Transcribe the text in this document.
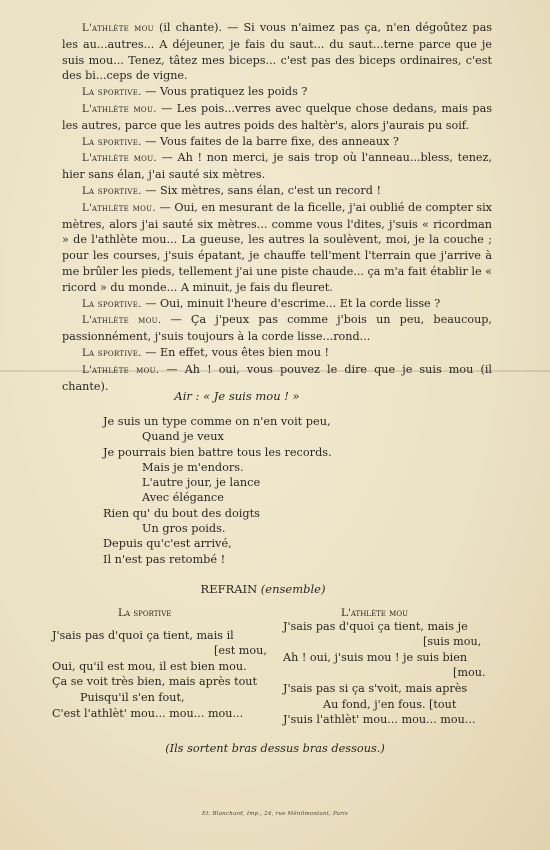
L'athlète mou (il chante). — Si vous n'aimez pas ça, n'en dégoûtez pas les au...autres... A déjeuner, je fais du saut... du saut...terne parce que je suis mou... Tenez, tâtez mes biceps... c'est pas des biceps ordinaires, c'est des bi...ceps de vigne.

La sportive. — Vous pratiquez les poids ?

L'athlète mou. — Les pois...verres avec quelque chose dedans, mais pas les autres, parce que les autres poids des haltèr's, alors j'aurais pu soif.

La sportive. — Vous faites de la barre fixe, des anneaux ?

L'athlète mou. — Ah ! non merci, je sais trop où l'anneau...bless, tenez, hier sans élan, j'ai sauté six mètres.

La sportive. — Six mètres, sans élan, c'est un record !

L'athlète mou. — Oui, en mesurant de la ficelle, j'ai oublié de compter six mètres, alors j'ai sauté six mètres... comme vous l'dites, j'suis « ricordman » de l'athlète mou... La gueuse, les autres la soulèvent, moi, je la couche ; pour les courses, j'suis épatant, je chauffe tell'ment l'terrain que j'arrive à me brûler les pieds, tellement j'ai une piste chaude... ça m'a fait établir le « ricord » du monde... A minuit, je fais du fleuret.

La sportive. — Oui, minuit l'heure d'escrime... Et la corde lisse ?

L'athlète mou. — Ça j'peux pas comme j'bois un peu, beaucoup, passionnément, j'suis toujours à la corde lisse...rond...

La sportive. — En effet, vous êtes bien mou !

L'athlète mou. — Ah ! oui, vous pouvez le dire que je suis mou (il chante).

Air : « Je suis mou ! »
Je suis un type comme on n'en voit peu,
Quand je veux
Je pourrais bien battre tous les records.
Mais je m'endors.
L'autre jour, je lance
Avec élégance
Rien qu' du bout des doigts
Un gros poids.
Depuis qu'c'est arrivé,
Il n'est pas retombé !
REFRAIN (ensemble)
La sportive
J'sais pas d'quoi ça tient, mais il
[est mou,
Oui, qu'il est mou, il est bien mou.
Ça se voit très bien, mais après tout
Puisqu'il s'en fout,
C'est l'athlèt' mou... mou... mou...
L'athlète mou
J'sais pas d'quoi ça tient, mais je
[suis mou,
Ah ! oui, j'suis mou ! je suis bien
[mou.
J'sais pas si ça s'voit, mais après
Au fond, j'en fous. [tout
J'suis l'athlèt' mou... mou... mou...
(Ils sortent bras dessus bras dessous.)
Et. Blanchard, Imp., 24, rue Ménilmontant, Paris
